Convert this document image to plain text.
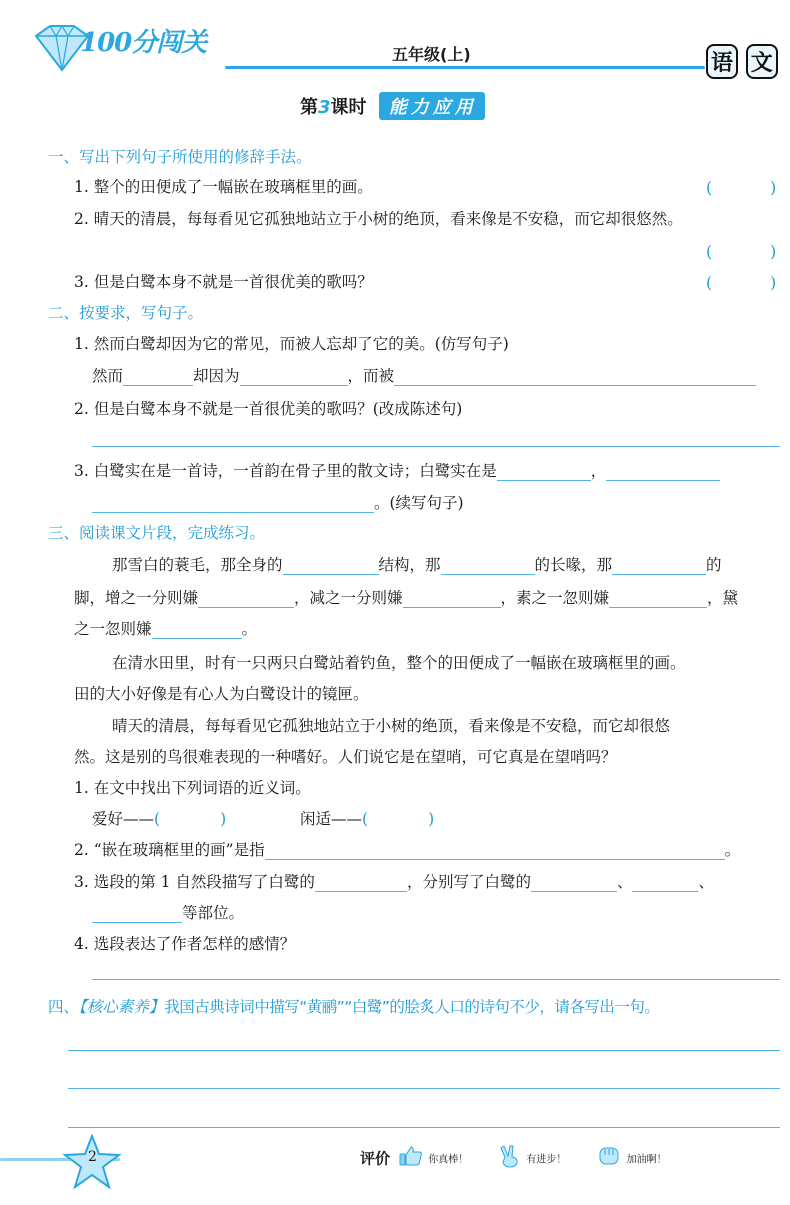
100分闯关	五年级(上)	语 文
第3课时 能力应用
一、写出下列句子所使用的修辞手法。
1. 整个的田便成了一幅嵌在玻璃框里的画。	(	)
2. 晴天的清晨，每每看见它孤独地站立于小树的绝顶，看来像是不安稳，而它却很悠然。
(	)
3. 但是白鹭本身不就是一首很优美的歌吗？	(	)
二、按要求，写句子。
1. 然而白鹭却因为它的常见，而被人忘却了它的美。(仿写句子)
然而	却因为	，而被
2. 但是白鹭本身不就是一首很优美的歌吗？(改成陈述句)
3. 白鹭实在是一首诗，一首韵在骨子里的散文诗；白鹭实在是	，
。(续写句子)
三、阅读课文片段，完成练习。
那雪白的蓑毛，那全身的	结构，那	的长喙，那	的
脚，增之一分则嫌	，减之一分则嫌	，素之一忽则嫌	，黛
之一忽则嫌	。
在清水田里，时有一只两只白鹭站着钓鱼，整个的田便成了一幅嵌在玻璃框里的画。
田的大小好像是有心人为白鹭设计的镜匣。
晴天的清晨，每每看见它孤独地站立于小树的绝顶，看来像是不安稳，而它却很悠
然。这是别的鸟很难表现的一种嗜好。人们说它是在望哨，可它真是在望哨吗？
1. 在文中找出下列词语的近义词。
爱好——(	)	闲适——(	)
2. “嵌在玻璃框里的画”是指	。
3. 选段的第 1 自然段描写了白鹭的	，分别写了白鹭的	、	、
等部位。
4. 选段表达了作者怎样的感情？
四、【核心素养】我国古典诗词中描写“黄鹂”“白鹭”的脍炙人口的诗句不少，请各写出一句。
2	评价	你真棒！	有进步！	加油啊！
